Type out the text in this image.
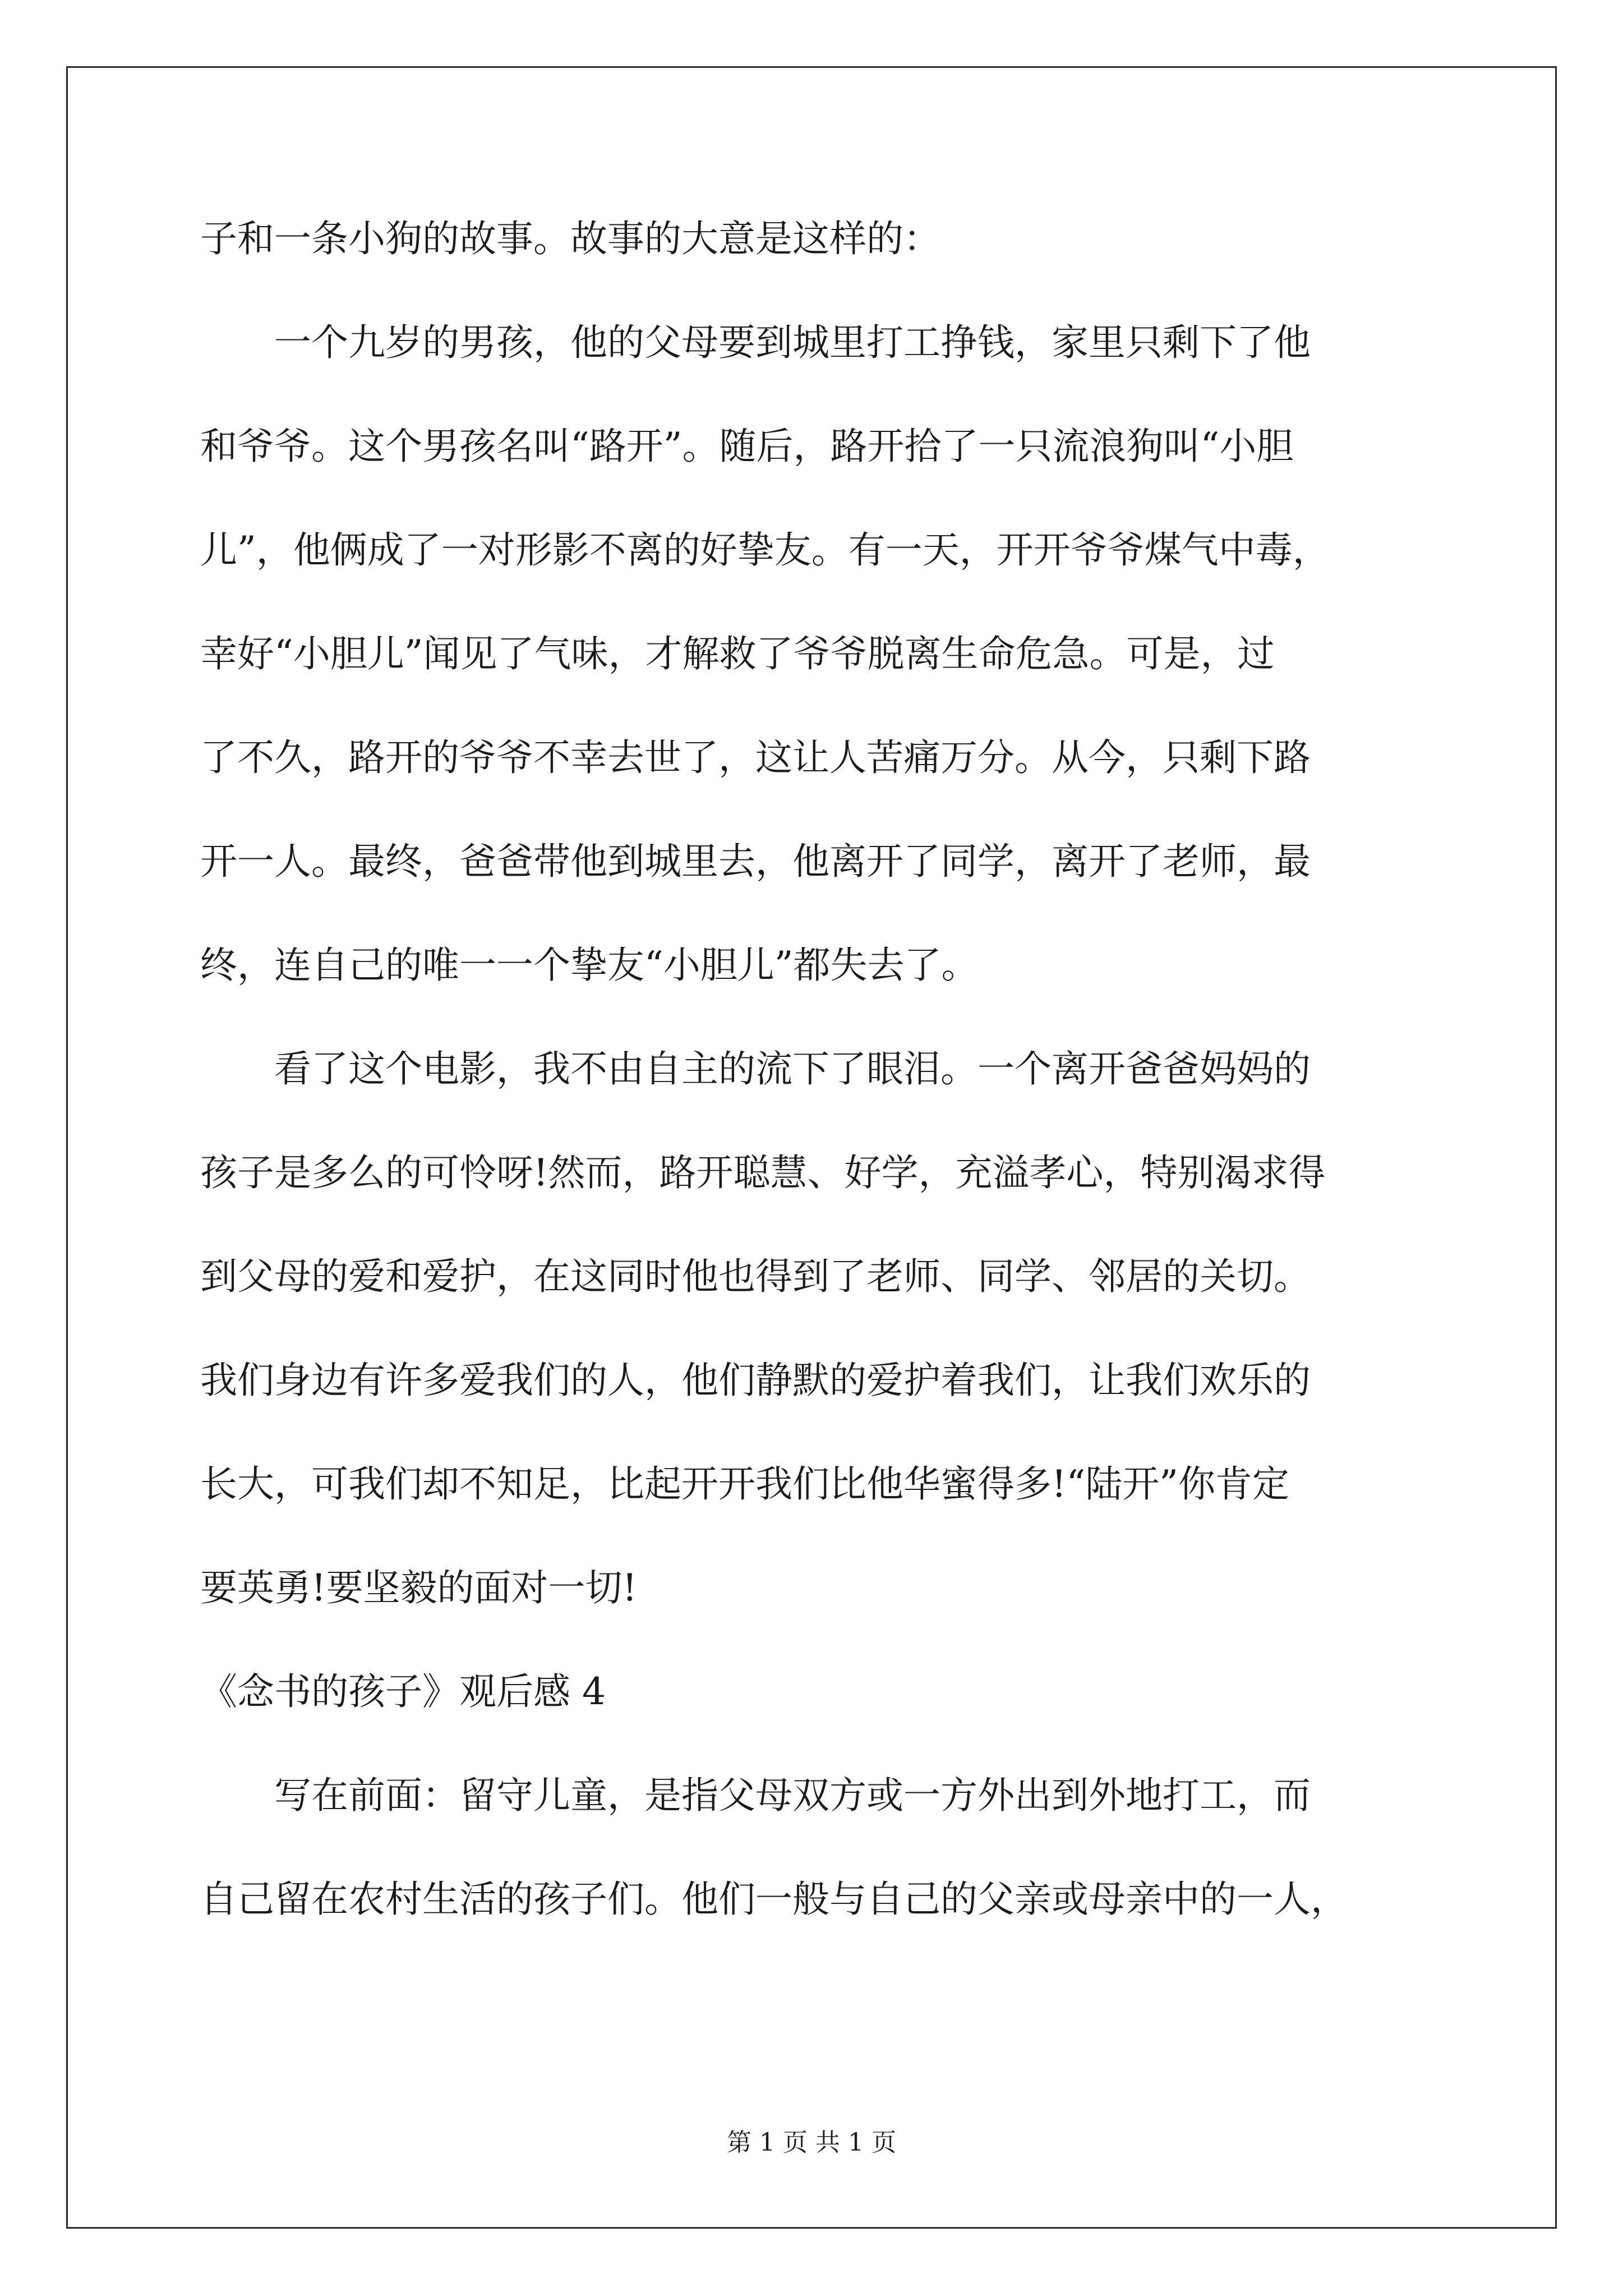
子和一条小狗的故事。故事的大意是这样的：
一个九岁的男孩，他的父母要到城里打工挣钱，家里只剩下了他
和爷爷。这个男孩名叫“路开”。随后，路开拾了一只流浪狗叫“小胆
儿”，他俩成了一对形影不离的好挚友。有一天，开开爷爷煤气中毒，
幸好“小胆儿”闻见了气味，才解救了爷爷脱离生命危急。可是，过
了不久，路开的爷爷不幸去世了，这让人苦痛万分。从今，只剩下路
开一人。最终，爸爸带他到城里去，他离开了同学，离开了老师，最
终，连自己的唯一一个挚友“小胆儿”都失去了。
看了这个电影，我不由自主的流下了眼泪。一个离开爸爸妈妈的
孩子是多么的可怜呀!然而，路开聪慧、好学，充溢孝心，特别渴求得
到父母的爱和爱护，在这同时他也得到了老师、同学、邻居的关切。
我们身边有许多爱我们的人，他们静默的爱护着我们，让我们欢乐的
长大，可我们却不知足，比起开开我们比他华蜜得多!“陆开”你肯定
要英勇!要坚毅的面对一切!
《念书的孩子》观后感 4
写在前面：留守儿童，是指父母双方或一方外出到外地打工，而
自己留在农村生活的孩子们。他们一般与自己的父亲或母亲中的一人，
第 1 页 共 1 页
